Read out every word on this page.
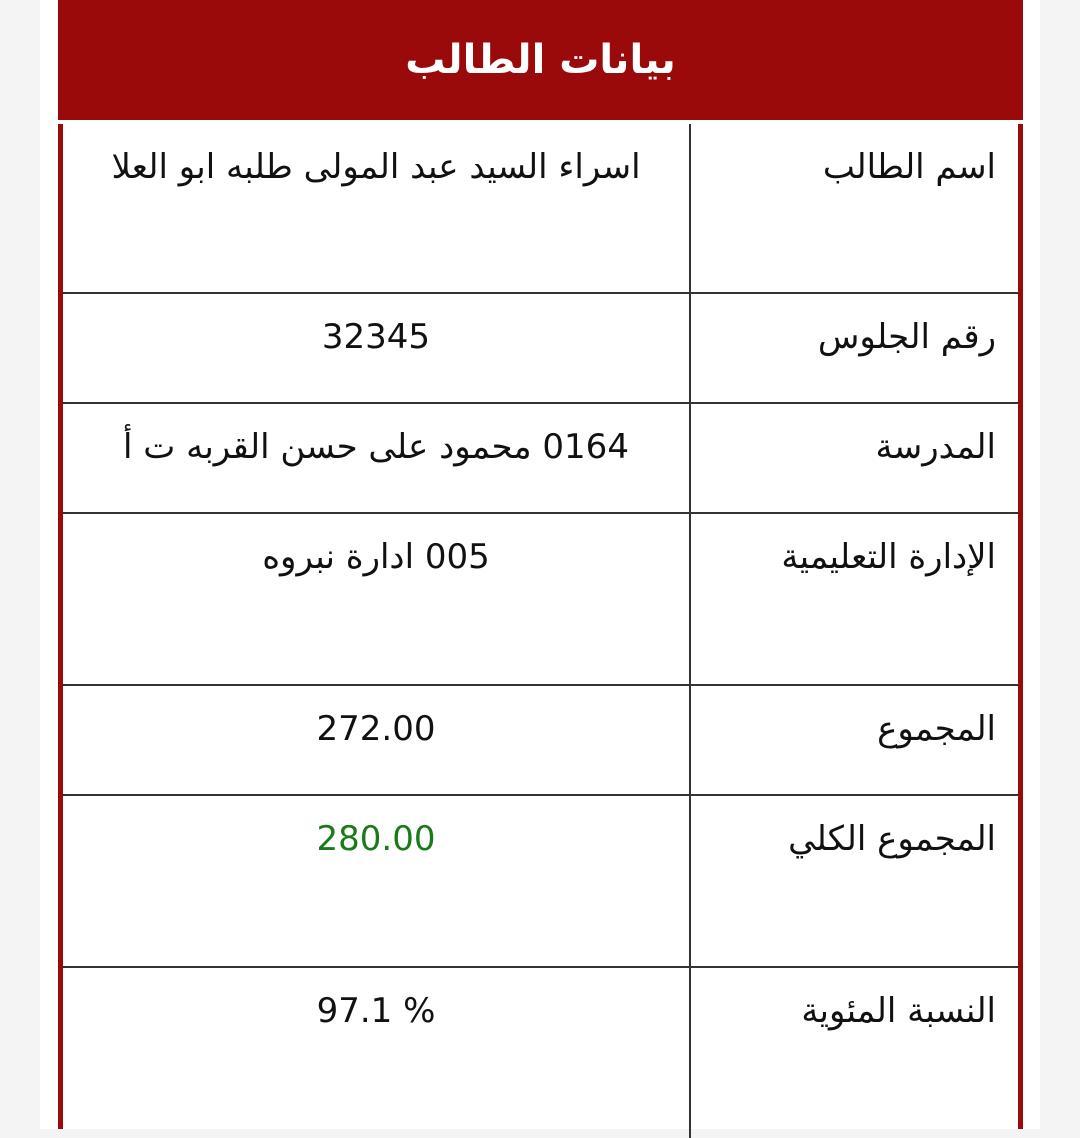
بيانات الطالب
اسم الطالب	اسراء السيد عبد المولى طلبه ابو العلا
رقم الجلوس	32345
المدرسة	0164 محمود على حسن القربه ت أ
الإدارة التعليمية	005 ادارة نبروه
المجموع	272.00
المجموع الكلي	280.00
النسبة المئوية	97.1 %
